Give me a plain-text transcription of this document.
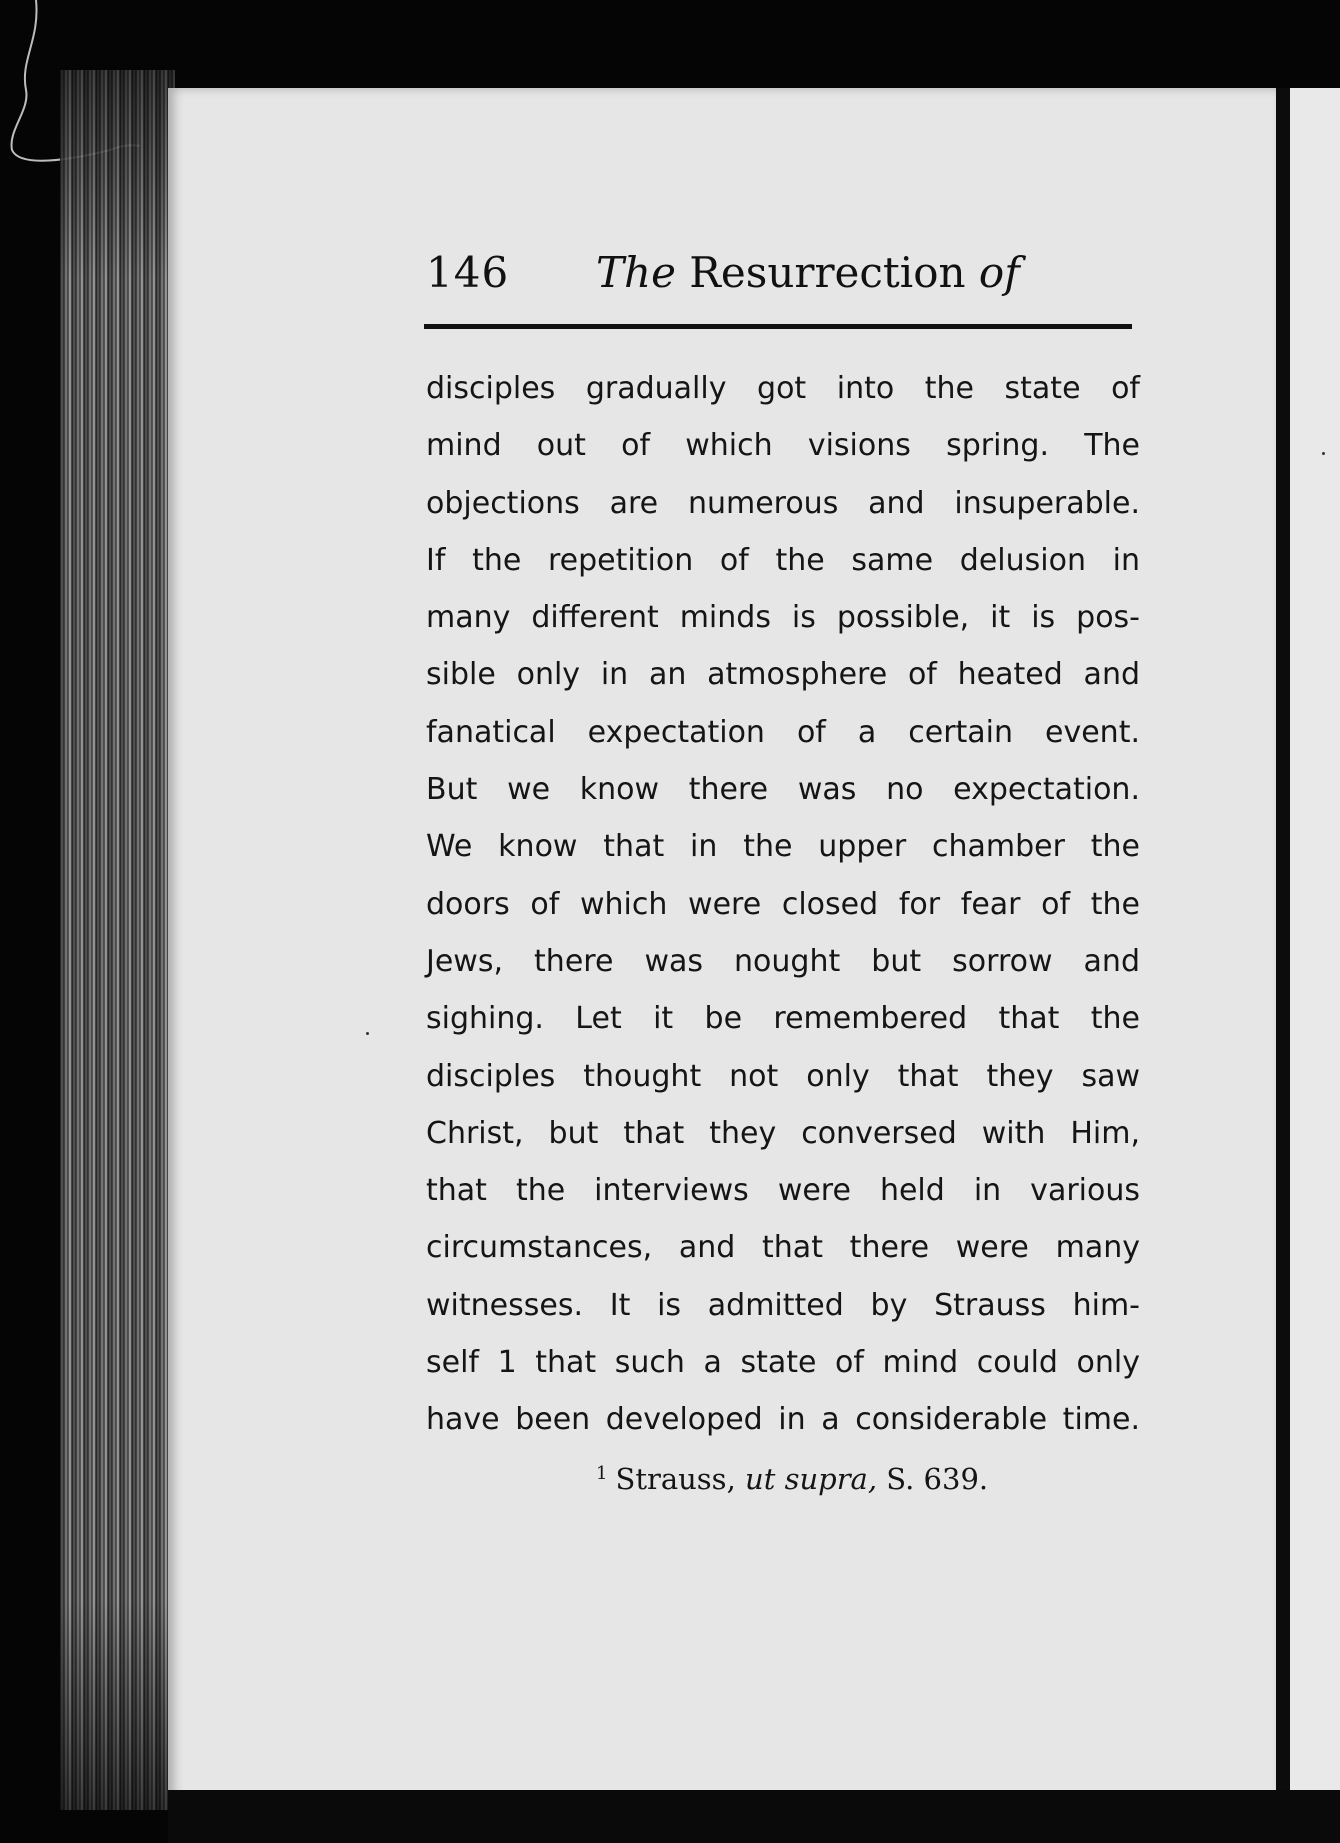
146 The Resurrection of
disciples gradually got into the state of
mind out of which visions spring. The
objections are numerous and insuperable.
If the repetition of the same delusion in
many different minds is possible, it is pos-
sible only in an atmosphere of heated and
fanatical expectation of a certain event.
But we know there was no expectation.
We know that in the upper chamber the
doors of which were closed for fear of the
Jews, there was nought but sorrow and
sighing. Let it be remembered that the
disciples thought not only that they saw
Christ, but that they conversed with Him,
that the interviews were held in various
circumstances, and that there were many
witnesses. It is admitted by Strauss him-
self 1 that such a state of mind could only
have been developed in a considerable time.
$^1$ Strauss, ut supra, S. 639.
